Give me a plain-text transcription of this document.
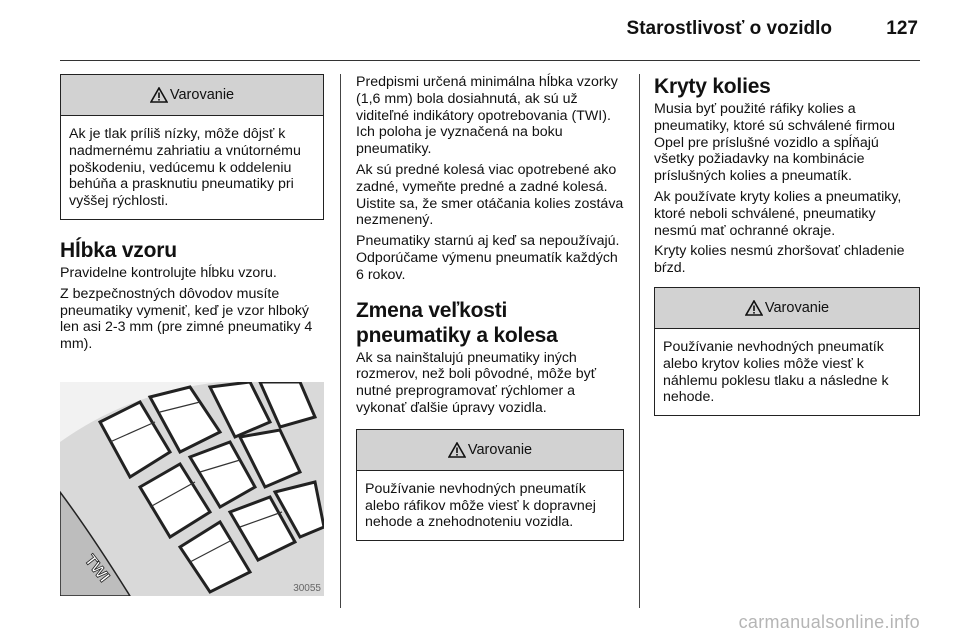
Starostlivosť o vozidlo	127
Varovanie

Ak je tlak príliš nízky, môže dôjsť k nadmernému zahriatiu a vnútornému poškodeniu, vedúcemu k oddeleniu behúňa a prasknutiu pneumatiky pri vyššej rýchlosti.

Hĺbka vzoru

Pravidelne kontrolujte hĺbku vzoru.

Z bezpečnostných dôvodov musíte pneumatiky vymeniť, keď je vzor hlboký len asi 2-3 mm (pre zimné pneumatiky 4 mm).

TWI
30055

Predpismi určená minimálna hĺbka vzorky (1,6 mm) bola dosiahnutá, ak sú už viditeľné indikátory opotrebovania (TWI). Ich poloha je vyznačená na boku pneumatiky.

Ak sú predné kolesá viac opotrebené ako zadné, vymeňte predné a zadné kolesá. Uistite sa, že smer otáčania kolies zostáva nezmenený.

Pneumatiky starnú aj keď sa nepoužívajú. Odporúčame výmenu pneumatík každých 6 rokov.

Zmena veľkosti pneumatiky a kolesa

Ak sa nainštalujú pneumatiky iných rozmerov, než boli pôvodné, môže byť nutné preprogramovať rýchlomer a vykonať ďalšie úpravy vozidla.

Varovanie

Používanie nevhodných pneumatík alebo ráfikov môže viesť k dopravnej nehode a znehodnoteniu vozidla.

Kryty kolies

Musia byť použité ráfiky kolies a pneumatiky, ktoré sú schválené firmou Opel pre príslušné vozidlo a spĺňajú všetky požiadavky na kombinácie príslušných kolies a pneumatík.

Ak používate kryty kolies a pneumatiky, ktoré neboli schválené, pneumatiky nesmú mať ochranné okraje.

Kryty kolies nesmú zhoršovať chladenie bŕzd.

Varovanie

Používanie nevhodných pneumatík alebo krytov kolies môže viesť k náhlemu poklesu tlaku a následne k nehode.

carmanualsonline.info
